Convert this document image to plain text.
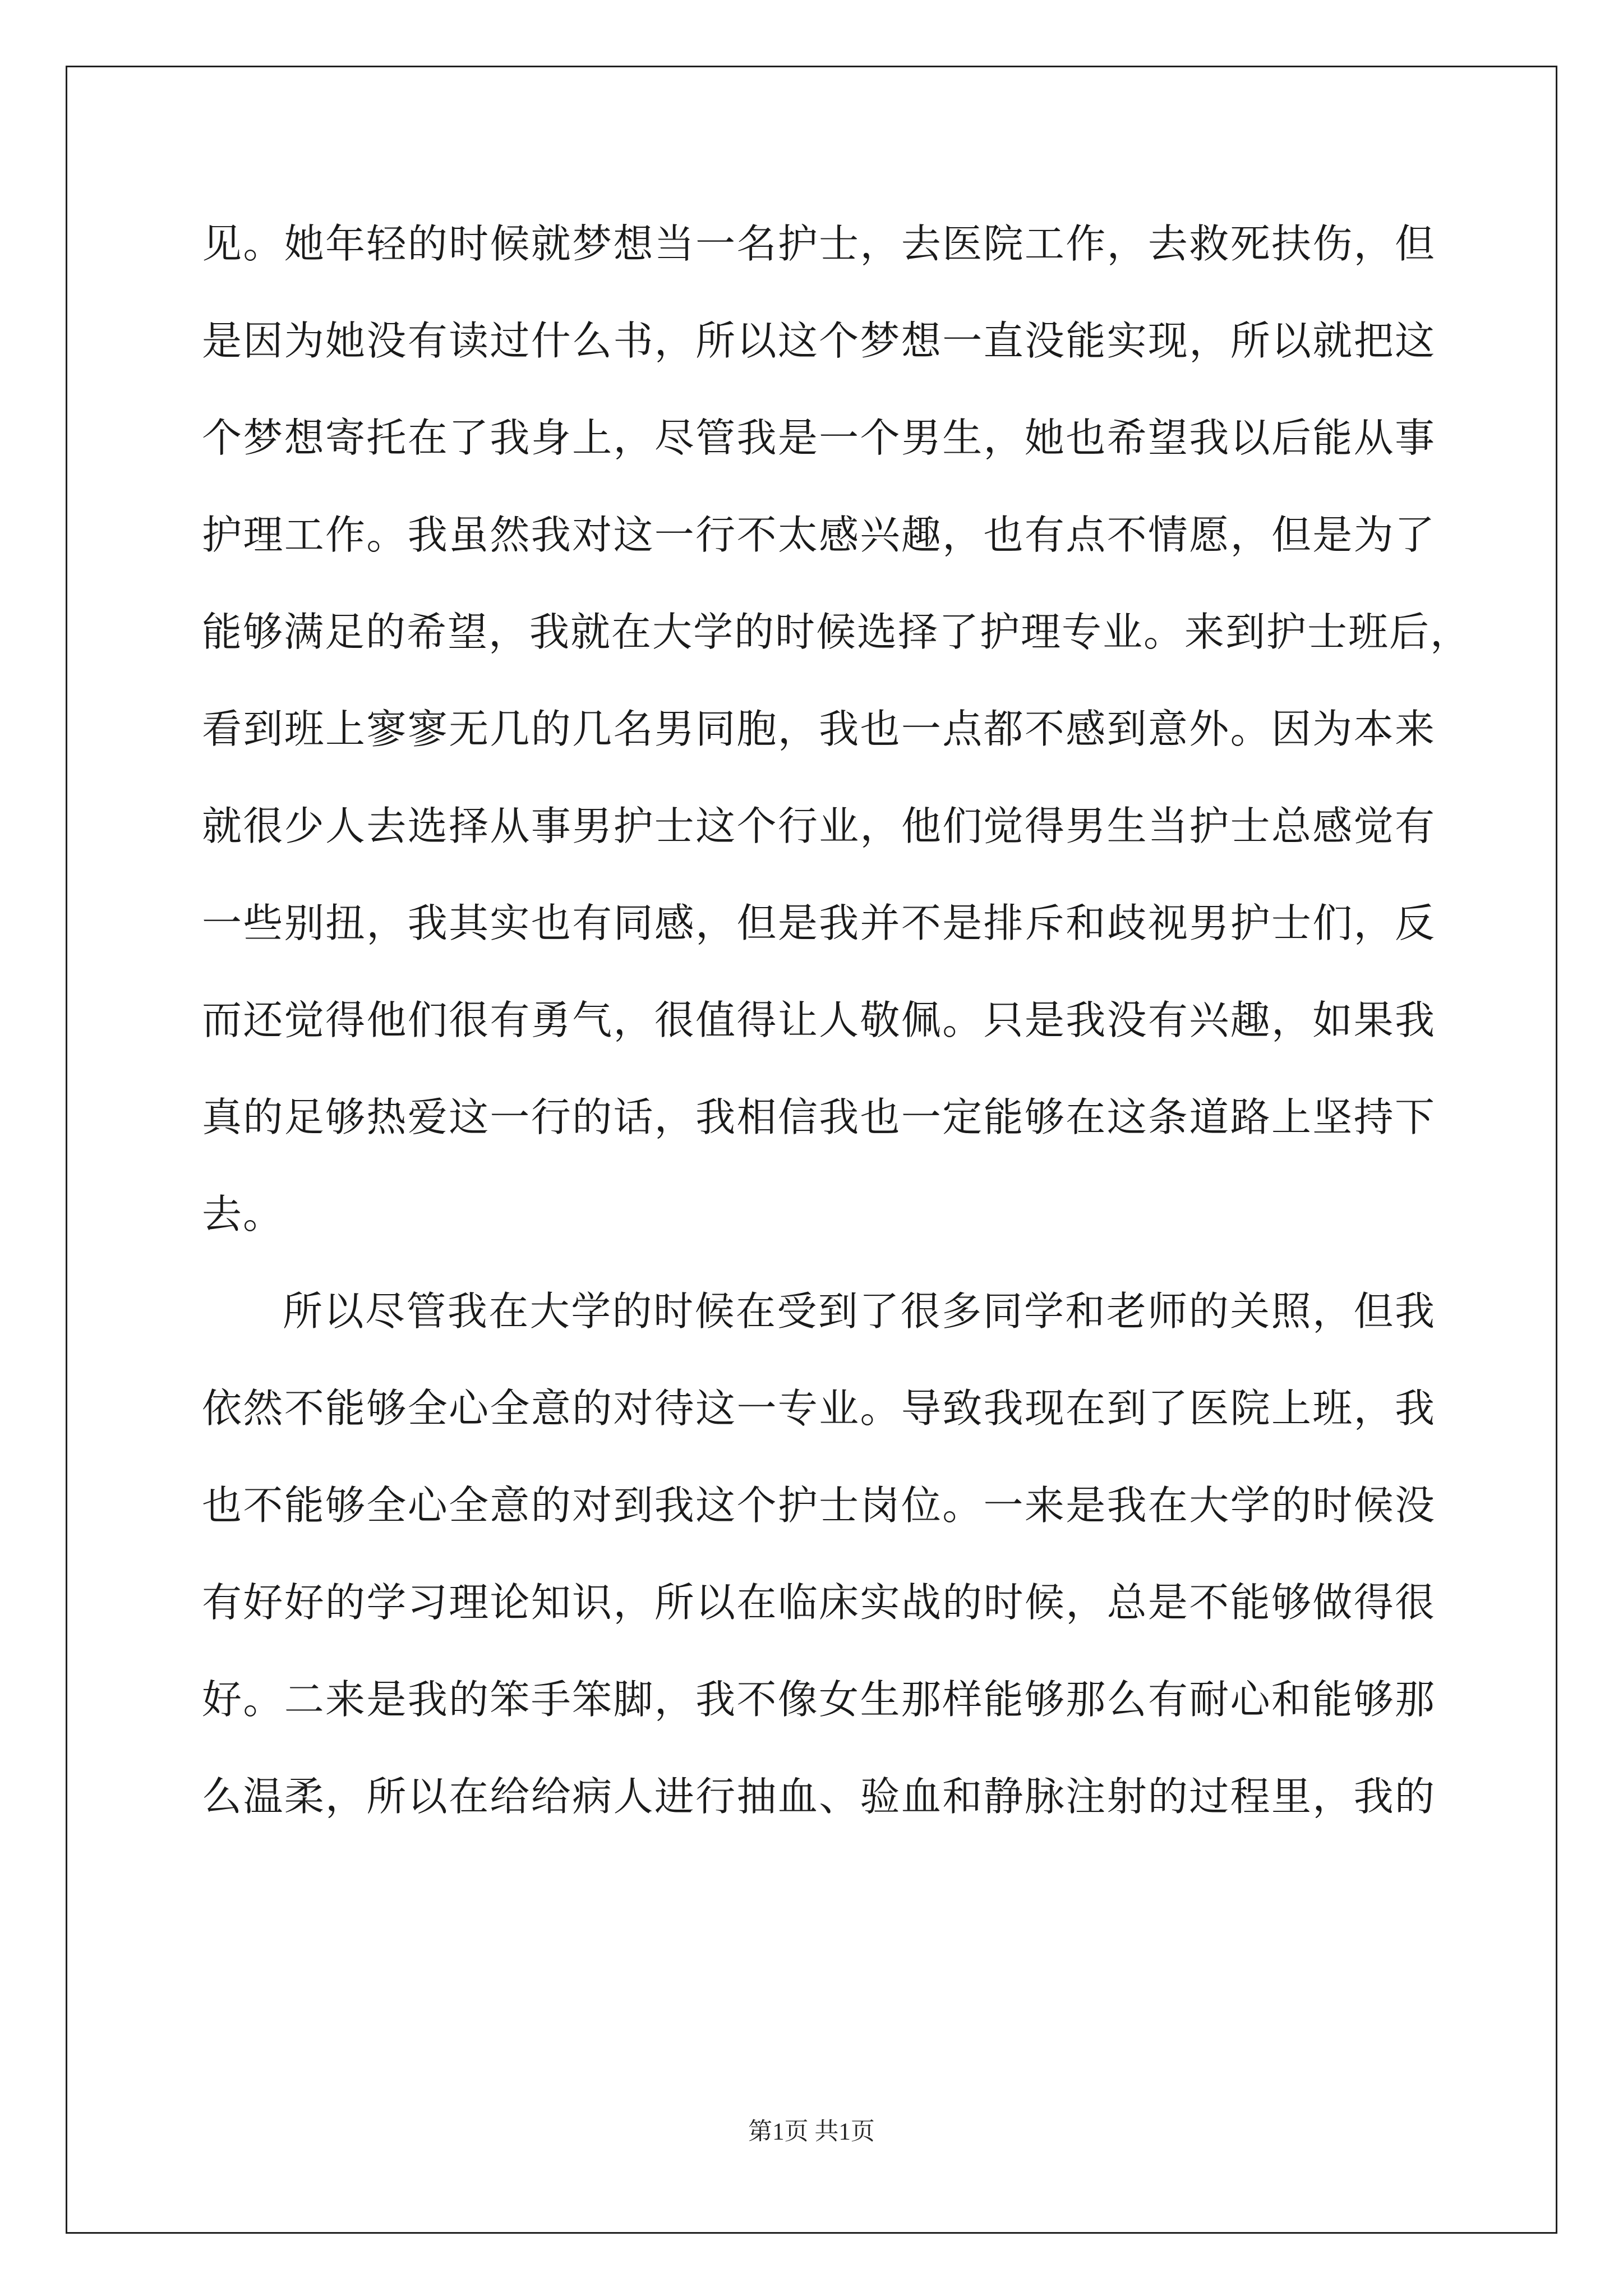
见。她年轻的时候就梦想当一名护士，去医院工作，去救死扶伤，但
是因为她没有读过什么书，所以这个梦想一直没能实现，所以就把这
个梦想寄托在了我身上，尽管我是一个男生，她也希望我以后能从事
护理工作。我虽然我对这一行不太感兴趣，也有点不情愿，但是为了
能够满足的希望，我就在大学的时候选择了护理专业。来到护士班后，
看到班上寥寥无几的几名男同胞，我也一点都不感到意外。因为本来
就很少人去选择从事男护士这个行业，他们觉得男生当护士总感觉有
一些别扭，我其实也有同感，但是我并不是排斥和歧视男护士们，反
而还觉得他们很有勇气，很值得让人敬佩。只是我没有兴趣，如果我
真的足够热爱这一行的话，我相信我也一定能够在这条道路上坚持下
去。
所以尽管我在大学的时候在受到了很多同学和老师的关照，但我
依然不能够全心全意的对待这一专业。导致我现在到了医院上班，我
也不能够全心全意的对到我这个护士岗位。一来是我在大学的时候没
有好好的学习理论知识，所以在临床实战的时候，总是不能够做得很
好。二来是我的笨手笨脚，我不像女生那样能够那么有耐心和能够那
么温柔，所以在给给病人进行抽血、验血和静脉注射的过程里，我的
第1页 共1页
